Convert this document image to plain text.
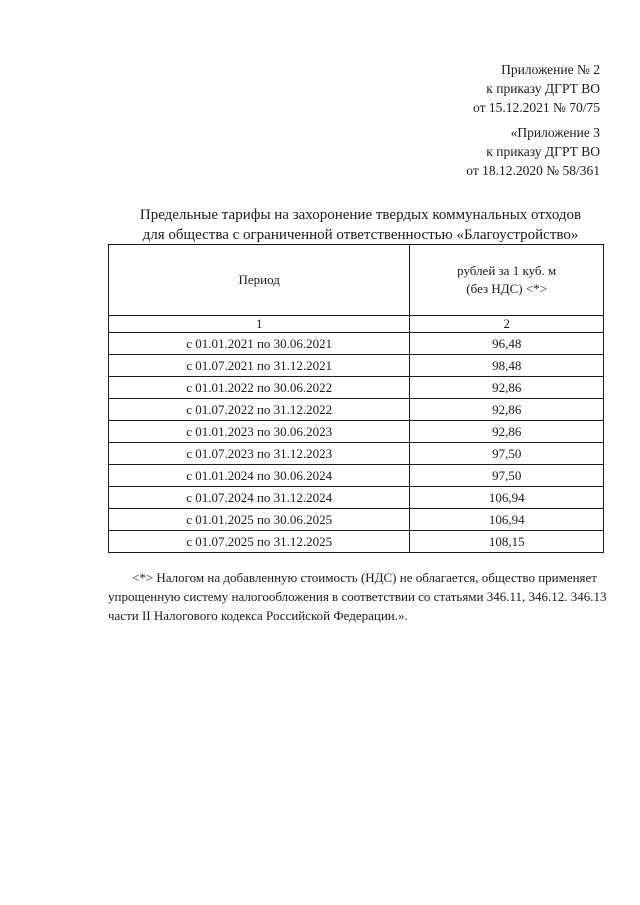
Приложение № 2
к приказу ДГРТ ВО
от 15.12.2021 № 70/75
«Приложение 3
к приказу ДГРТ ВО
от 18.12.2020 № 58/361
Предельные тарифы на захоронение твердых коммунальных отходов
для общества с ограниченной ответственностью «Благоустройство»
Период	рублей за 1 куб. м
(без НДС) <*>

1	2
с 01.01.2021 по 30.06.2021	96,48
с 01.07.2021 по 31.12.2021	98,48
с 01.01.2022 по 30.06.2022	92,86
с 01.07.2022 по 31.12.2022	92,86
с 01.01.2023 по 30.06.2023	92,86
с 01.07.2023 по 31.12.2023	97,50
с 01.01.2024 по 30.06.2024	97,50
с 01.07.2024 по 31.12.2024	106,94
с 01.01.2025 по 30.06.2025	106,94
с 01.07.2025 по 31.12.2025	108,15
<*> Налогом на добавленную стоимость (НДС) не облагается, общество применяет
упрощенную систему налогообложения в соответствии со статьями 346.11, 346.12. 346.13
части II Налогового кодекса Российской Федерации.».
